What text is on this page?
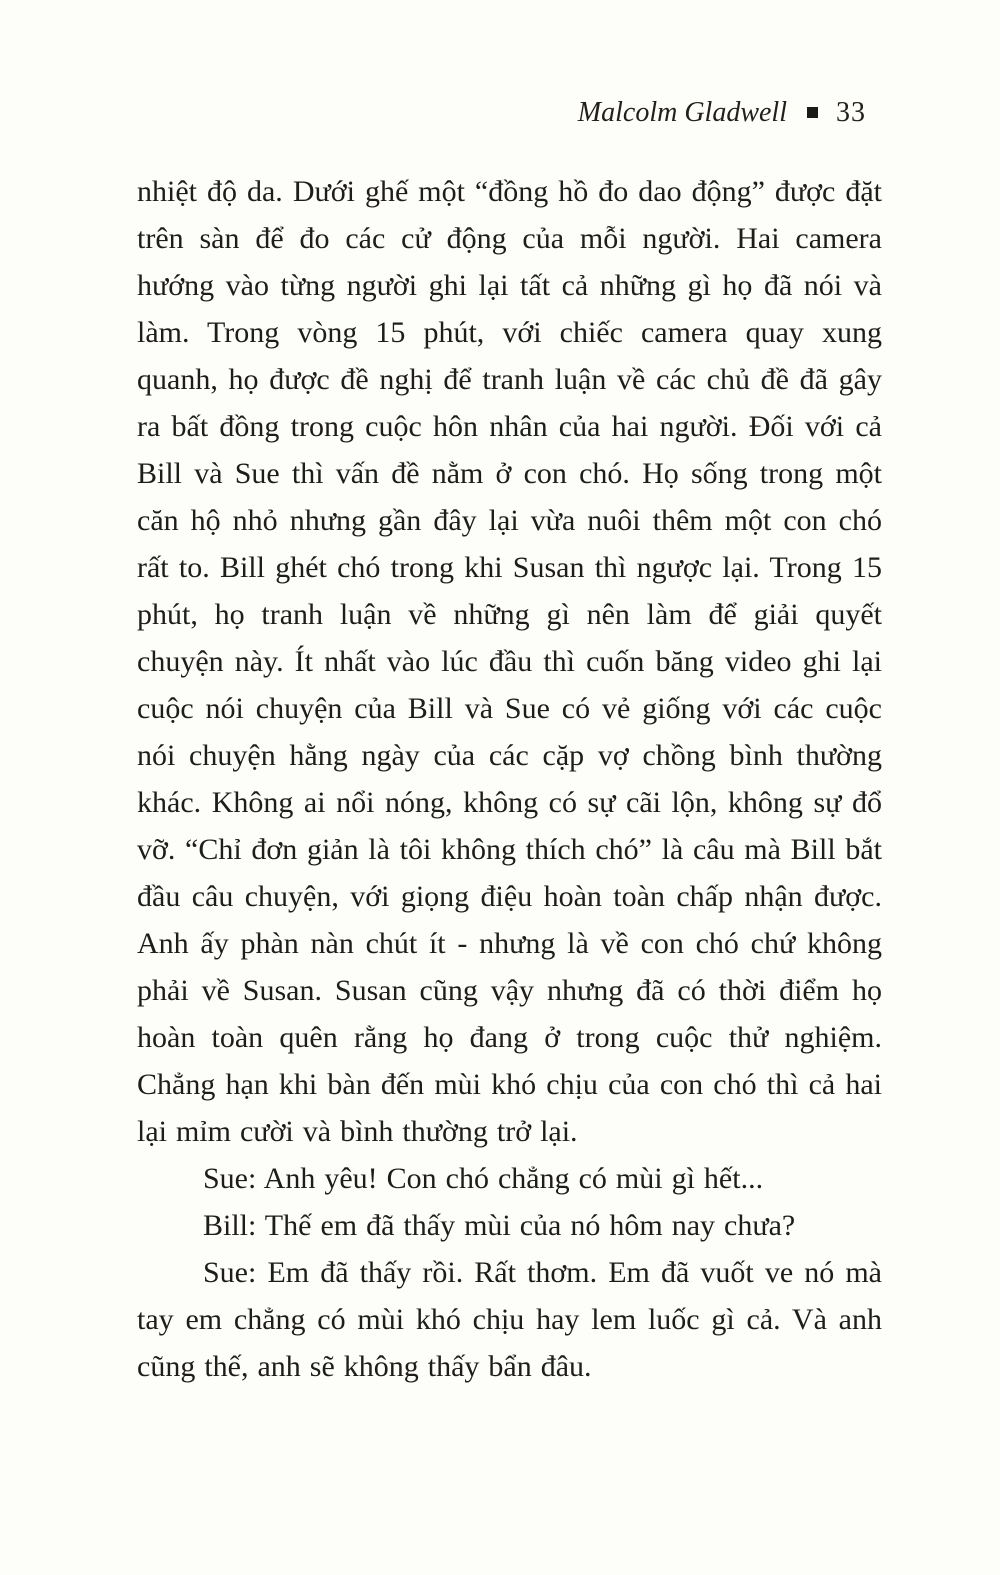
Malcolm Gladwell 33

nhiệt độ da. Dưới ghế một “đồng hồ đo dao động” được đặt trên sàn để đo các cử động của mỗi người. Hai camera hướng vào từng người ghi lại tất cả những gì họ đã nói và làm. Trong vòng 15 phút, với chiếc camera quay xung quanh, họ được đề nghị để tranh luận về các chủ đề đã gây ra bất đồng trong cuộc hôn nhân của hai người. Đối với cả Bill và Sue thì vấn đề nằm ở con chó. Họ sống trong một căn hộ nhỏ nhưng gần đây lại vừa nuôi thêm một con chó rất to. Bill ghét chó trong khi Susan thì ngược lại. Trong 15 phút, họ tranh luận về những gì nên làm để giải quyết chuyện này. Ít nhất vào lúc đầu thì cuốn băng video ghi lại cuộc nói chuyện của Bill và Sue có vẻ giống với các cuộc nói chuyện hằng ngày của các cặp vợ chồng bình thường khác. Không ai nổi nóng, không có sự cãi lộn, không sự đổ vỡ. “Chỉ đơn giản là tôi không thích chó” là câu mà Bill bắt đầu câu chuyện, với giọng điệu hoàn toàn chấp nhận được. Anh ấy phàn nàn chút ít - nhưng là về con chó chứ không phải về Susan. Susan cũng vậy nhưng đã có thời điểm họ hoàn toàn quên rằng họ đang ở trong cuộc thử nghiệm. Chẳng hạn khi bàn đến mùi khó chịu của con chó thì cả hai lại mỉm cười và bình thường trở lại.

Sue: Anh yêu! Con chó chẳng có mùi gì hết...

Bill: Thế em đã thấy mùi của nó hôm nay chưa?

Sue: Em đã thấy rồi. Rất thơm. Em đã vuốt ve nó mà tay em chẳng có mùi khó chịu hay lem luốc gì cả. Và anh cũng thế, anh sẽ không thấy bẩn đâu.
